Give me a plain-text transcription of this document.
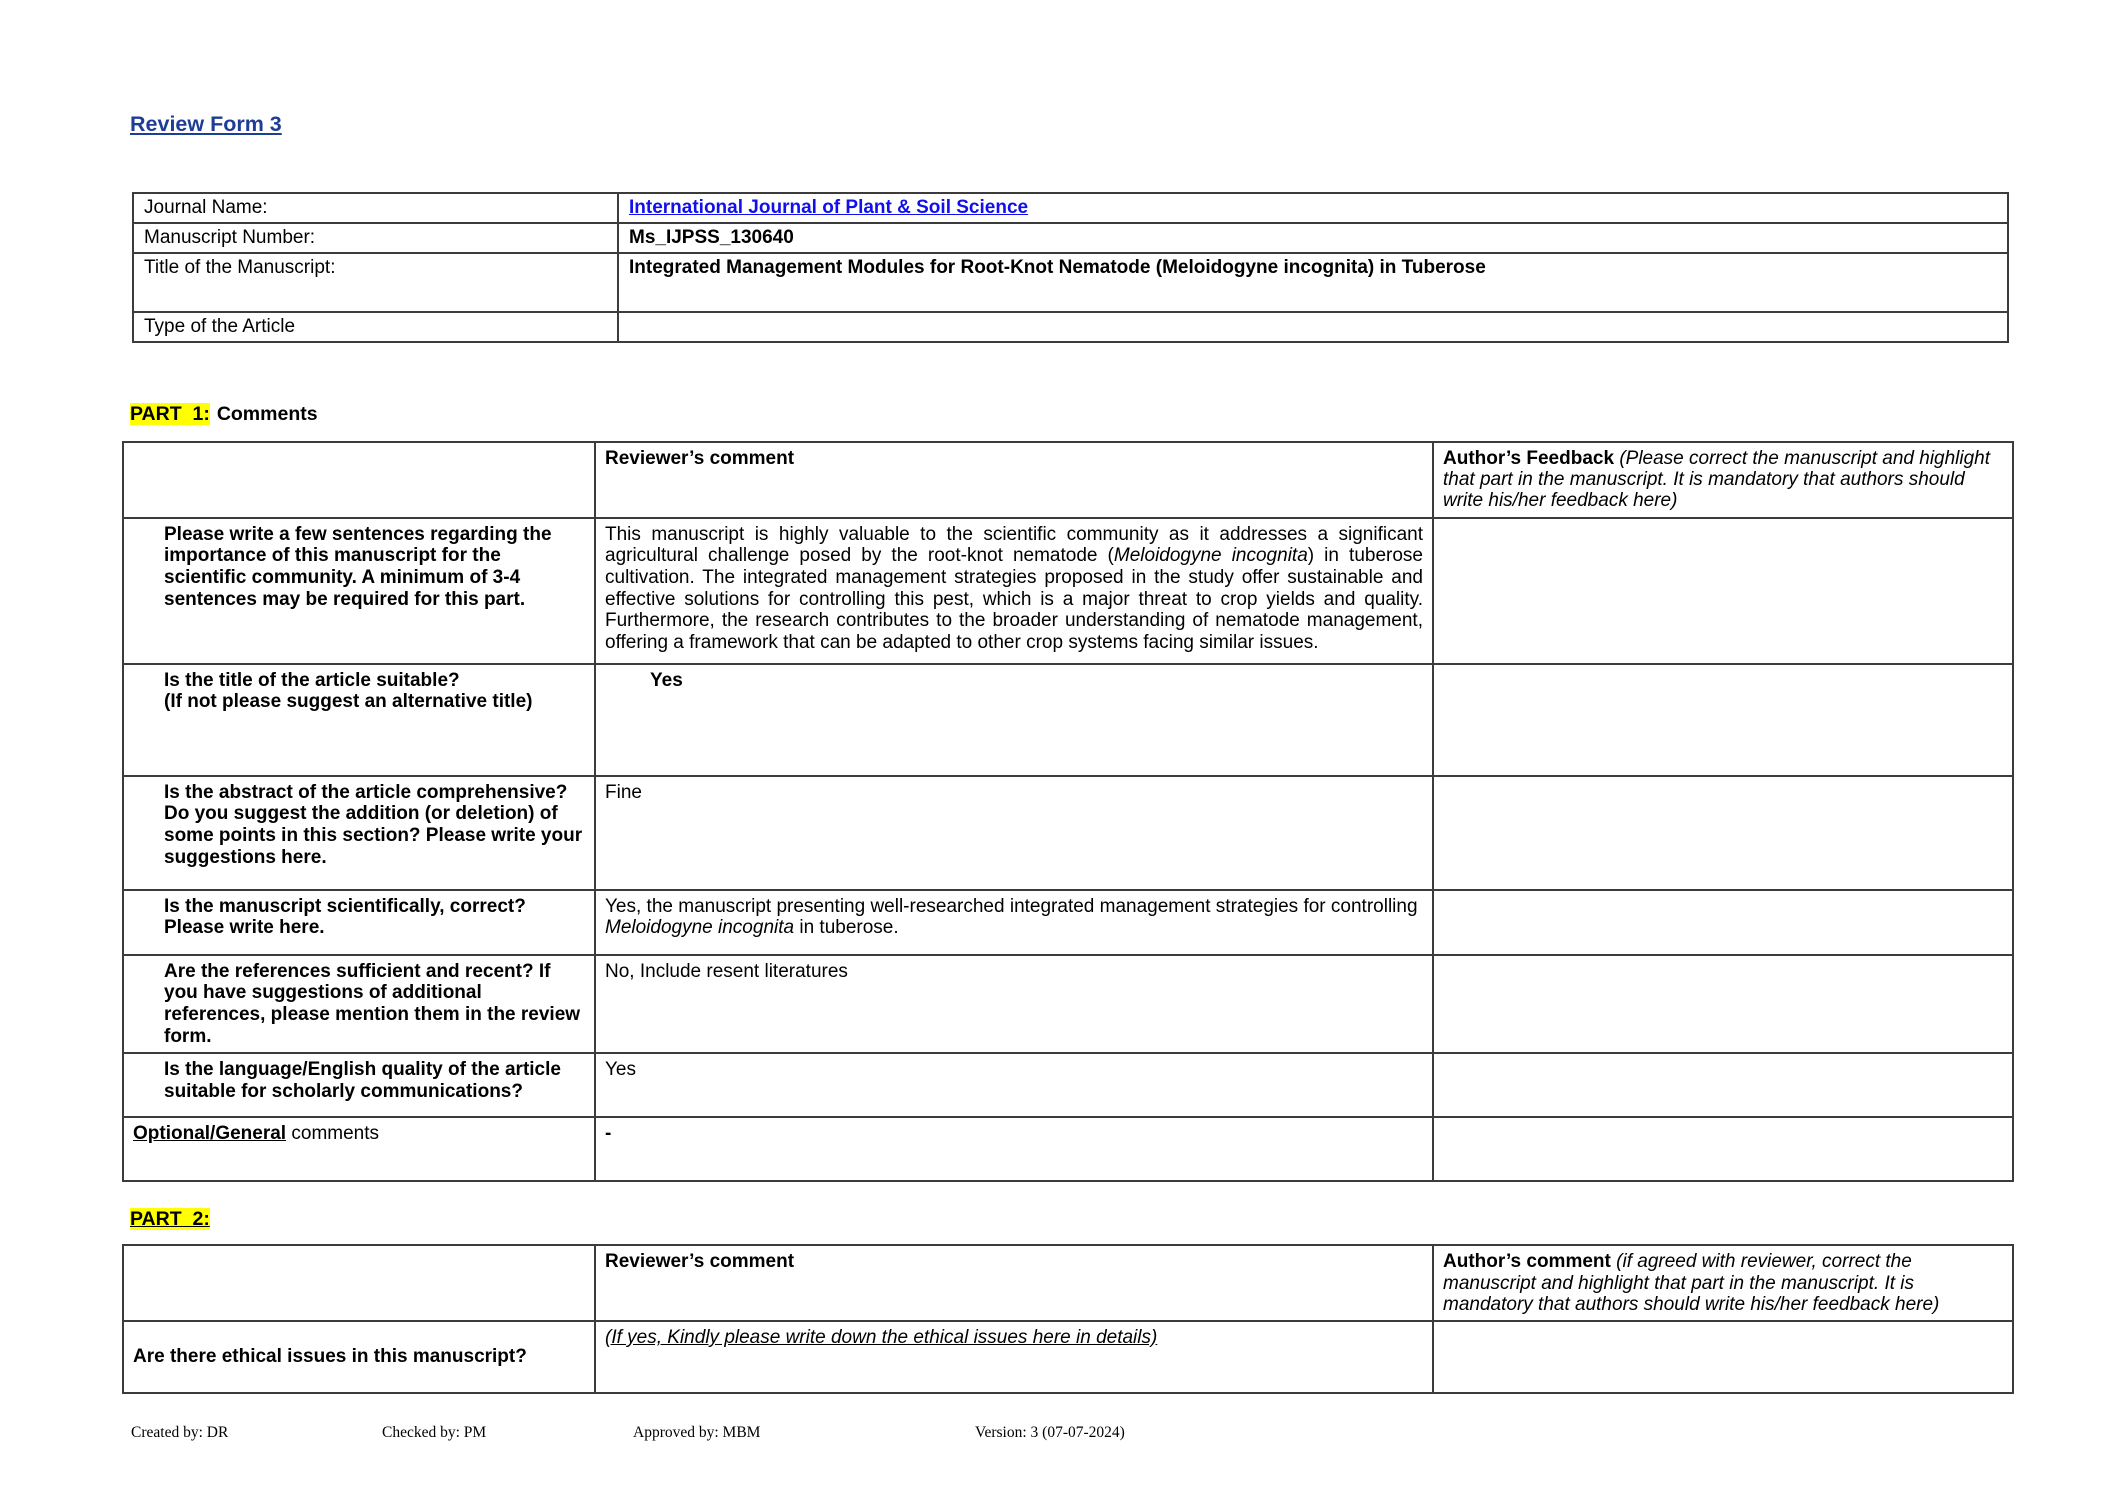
Review Form 3
Journal Name:	International Journal of Plant & Soil Science
Manuscript Number:	Ms_IJPSS_130640
Title of the Manuscript:	Integrated Management Modules for Root-Knot Nematode (Meloidogyne incognita) in Tuberose
Type of the Article	
PART  1: Comments
	Reviewer’s comment	Author’s Feedback (Please correct the manuscript and highlight that part in the manuscript. It is mandatory that authors should write his/her feedback here)
Please write a few sentences regarding the importance of this manuscript for the scientific community. A minimum of 3-4 sentences may be required for this part.	This manuscript is highly valuable to the scientific community as it addresses a significant agricultural challenge posed by the root-knot nematode (Meloidogyne incognita) in tuberose cultivation. The integrated management strategies proposed in the study offer sustainable and effective solutions for controlling this pest, which is a major threat to crop yields and quality. Furthermore, the research contributes to the broader understanding of nematode management, offering a framework that can be adapted to other crop systems facing similar issues.	

Is the title of the article suitable?
(If not please suggest an alternative title)	Yes	
Is the abstract of the article comprehensive? Do you suggest the addition (or deletion) of some points in this section? Please write your suggestions here.	Fine	
Is the manuscript scientifically, correct? Please write here.	Yes, the manuscript presenting well-researched integrated management strategies for controlling Meloidogyne incognita in tuberose.	
Are the references sufficient and recent? If you have suggestions of additional references, please mention them in the review form.	No, Include resent literatures	
Is the language/English quality of the article suitable for scholarly communications?	Yes	
Optional/General comments	-	
PART  2:
	Reviewer’s comment	Author’s comment (if agreed with reviewer, correct the manuscript and highlight that part in the manuscript. It is mandatory that authors should write his/her feedback here)
Are there ethical issues in this manuscript?	(If yes, Kindly please write down the ethical issues here in details)	
Created by: DR	Checked by: PM	Approved by: MBM	Version: 3 (07-07-2024)
